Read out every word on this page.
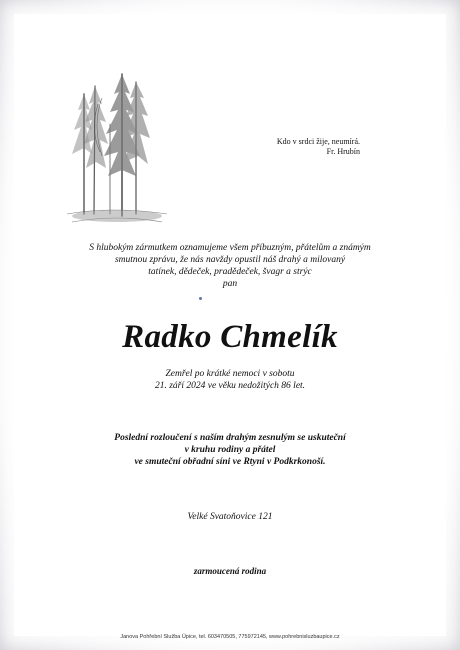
Kdo v srdci žije, neumírá.
Fr. Hrubín
S hlubokým zármutkem oznamujeme všem příbuzným, přátelům a známým
smutnou zprávu, že nás navždy opustil náš drahý a milovaný
tatínek, dědeček, pradědeček, švagr a strýc
pan
Radko Chmelík
Zemřel po krátké nemoci v sobotu
21. září 2024 ve věku nedožitých 86 let.
Poslední rozloučení s naším drahým zesnulým se uskuteční
v kruhu rodiny a přátel
ve smuteční obřadní síni ve Rtyni v Podkrkonoší.
Velké Svatoňovice 121
zarmoucená rodina
Janova Pohřební Služba Úpice, tel. 603470505, 775972145, www.pohrebnisluzbaupice.cz
